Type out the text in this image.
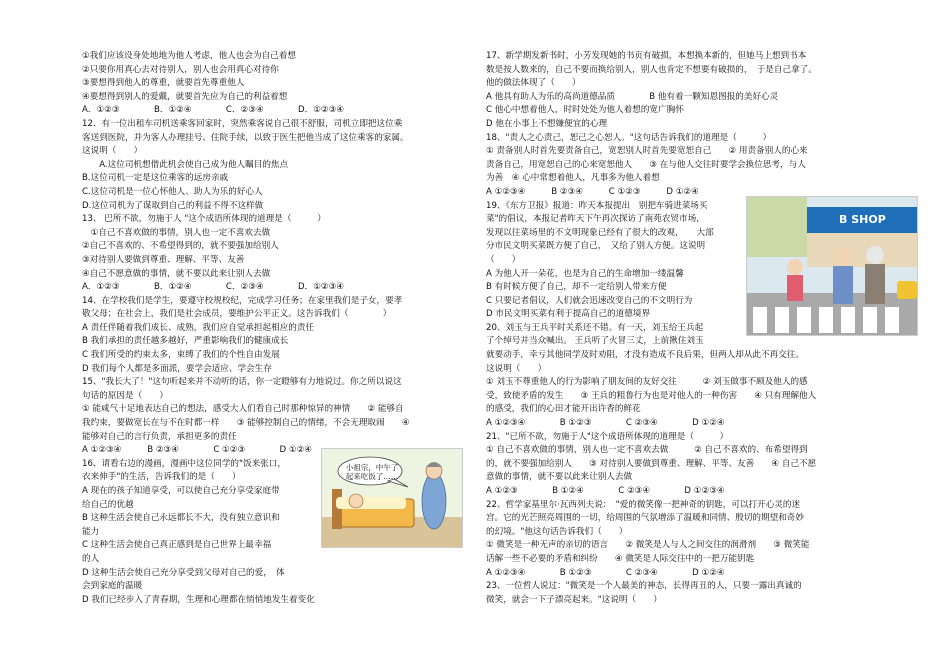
①我们应该设身处地地为他人考虑，他人也会为自己着想
②只要你用真心去对待别人，别人也会用真心对待你
③要想得到他人的尊重，就要首先尊重他人
④要想得到别人的爱戴，就要首先应为自己的利益着想
A．①②③　　　　B．①②④　　　　C．②③④　　　　D．①②③④
12、有一位出租车司机送乘客回家时，突然乘客说自己很不舒服，司机立即把这位乘
客送到医院，并为客人办理挂号、住院手续，以致于医生把他当成了这位乘客的家属。
这说明（　　）
　　A.这位司机想借此机会使自己成为他人瞩目的焦点
B.这位司机一定是这位乘客的远房亲戚
C.这位司机是一位心怀他人、助人为乐的好心人
D.这位司机为了谋取到自己的利益不得不这样做
13、 巴所不欲，勿施于人 "这个成语所体现的道理是（　　　）
　①自己不喜欢做的事情，别人也一定不喜欢去做
②自己不喜欢的、不希望得到的，就不要强加给别人
③对待别人要做到尊重、理解、平等、友善
④自己不愿意做的事情，就不要以此来让别人去做
A．①②③　　　　B．①②④　　　　C．②③④　　　　D．①②③④
14、在学校我们是学生，要遵守校规校纪，完成学习任务；在家里我们是子女，要孝
敬父母；在社会上，我们是社会成员，要维护公平正义。这告诉我们（　　　　）
A 责任伴随着我们成长、成熟，我们应自觉承担起相应的责任
B 我们承担的责任越多越好，严重影响我们的健康成长
C 我们所受的约束太多，束缚了我们的个性自由发展
D 我们每个人都是多面派，要学会适应、学会生存
15、"我长大了！"这句听起来并不动听的话，你一定瞪够有力地说过。你之所以说这
句话的原因是（　　）
① 能咸气十足地表达自己的想法，感受大人们看自己时那种惊异的神情　　② 能够自
我约束，要做宽长在与不在时都一样　　③ 能够控制自己的情绪，不会无理取闹　　④
能够对自己的言行负责，承担更多的责任
A ①②③④　　　B ②③④　　　　C ①②③　　　　D ①②④
16、请看右边的漫画，漫画中这位同学的"饭来张口，
衣来伸手"的生活，告诉我们的是（　　）
A 现在的孩子知道享受，可以使自己充分享受家庭带
给自己的优越
B 这种生活会使自己永远都长不大，没有独立意识和
能力
C 这种生活会使自己真正感到是自己世界上最幸福
的人
D 这种生活会使自己充分享受到父母对自己的爱，　体
会到家庭的温暖
D 我们已经步入了青春期，生理和心理都在悄悄地发生着变化
17、新学期发新书时，小芳发现她的书页有破损，本想换本新的，但她马上想到书本
数是按人数来的，自己不要而换给别人，别人也肯定不想要有破损的，　于是自己拿了。
他的做法体现了（　　）
A 他具有助人为乐的高尚道德品质　　　　B 他有着一颗知恩图报的美好心灵
C 他心中想着他人，时时处处为他人着想的宽广胸怀
D 他在小事上不想嫌便宜的心理
18、"责人之心责己，恕己之心恕人。"这句话告诉我们的道理是（　　　）
① 责备别人时首先要责备自己，宽恕别人时首先要宽恕自己　　② 用责备别人的心来
责备自己，用宽恕自己的心来宽恕他人　　③ 在与他人交往时要学会换位思考，与人
为善　④ 心中常想着他人，凡事多为他人着想
A ①②③④　　　B ②③④　　　C ①②③　　　D ①②④
19、《东方卫报》报道：昨天本报提出　别把车骑进菜场买
菜"的倡议，本报记者昨天下午再次探访了南苑农贸市场，
发现以往菜场里的不文明现象已经有了很大的改观，　　大部
分市民文明买菜既方便了自己，　又给了别人方便。这说明
（　　）
A 为他人开一朵花，也是为自己的生命增加一缕温馨
B 有时候方便了自己，却不一定给别人带来方便
C 只要记者倡议，人们就会迅速改变自己的不文明行为
D 市民文明买菜有利于提高自己的道德境界
20、刘玉与王兵平时关系还不错。有一天，刘玉给王兵起
了个绰号并当众喊出。 王兵听了火冒三丈，上前揪住刘玉
就要动手，幸亏其他同学及时劝阻，才没有造成不良后果，但两人却从此不再交往。
这说明（　　）
① 刘玉不尊重他人的行为影响了朋友间的友好交往　　　② 刘玉做事不顾及他人的感
受，致使矛盾的发生　　③ 王兵的粗鲁行为也是对他人的一种伤害　　④ 只有理解他人
的感受，我们的心田才能开出许香的鲜花
A ①②③④　　　　B ①②③　　　　C ②③④　　　　D ①②④
21、"已所不欲，勿施于人"这个成语所体现的道理是（　　　）
① 自己不喜欢做的事情，别人也一定不喜欢去做　　　② 自己不喜欢的、布希望得到
的，就不要强加给别人　　③ 对待别人要做到尊重、理解、平等、友善　　④ 自己不愿
意做的事情，就不要以此来让别人去做
A ①②③　　　　B ①②④　　　　C ②③④　　　　D ①②③④
22、哲学家基里尔·瓦西列夫说：　"爱的微笑像一把神奇的钥匙，可以打开心灵的迷
宫。它的光芒照亮周围的一切，给周围的气氛增添了温暖和同情、殷切的期望和奇妙
的幻境。"他这句话告诉我们（　　）
① 微笑是一种无声的亲切的语言　　② 微笑是人与人之间交往的润滑剂　　③ 微笑能
话解一些不必要的矛盾和纠纷　　④ 微笑是人际交往中的一把万能钥匙
A ①②③④　　　　B ①②③　　　　C ②③④　　　　D ①②④
23、一位哲人说过："微笑是一个人最美的神态，长得再丑的人，只要一露出真诚的
微笑，就会一下子漂亮起来。"这说明（　　）
小祖宗，中午了起来吃饭了……
B SHOP
